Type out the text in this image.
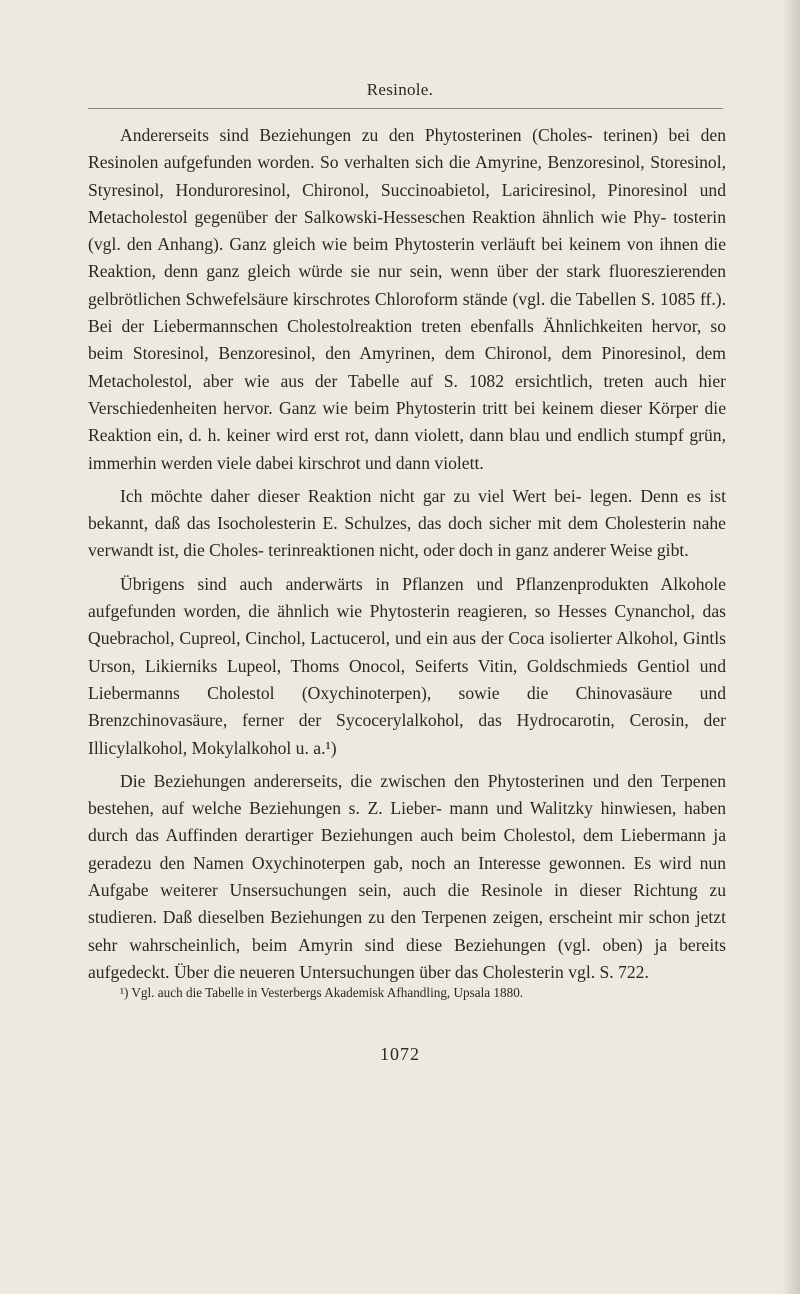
Resinole.

Andererseits sind Beziehungen zu den Phytosterinen (Choles- terinen) bei den Resinolen aufgefunden worden. So verhalten sich die Amyrine, Benzoresinol, Storesinol, Styresinol, Honduroresinol, Chironol, Succinoabietol, Lariciresinol, Pinoresinol und Metacholestol gegenüber der Salkowski-Hesseschen Reaktion ähnlich wie Phy- tosterin (vgl. den Anhang). Ganz gleich wie beim Phytosterin verläuft bei keinem von ihnen die Reaktion, denn ganz gleich würde sie nur sein, wenn über der stark fluoreszierenden gelbrötlichen Schwefelsäure kirschrotes Chloroform stände (vgl. die Tabellen S. 1085 ff.). Bei der Liebermannschen Cholestolreaktion treten ebenfalls Ähnlichkeiten hervor, so beim Storesinol, Benzoresinol, den Amyrinen, dem Chironol, dem Pinoresinol, dem Metacholestol, aber wie aus der Tabelle auf S. 1082 ersichtlich, treten auch hier Verschiedenheiten hervor. Ganz wie beim Phytosterin tritt bei keinem dieser Körper die Reaktion ein, d. h. keiner wird erst rot, dann violett, dann blau und endlich stumpf grün, immerhin werden viele dabei kirschrot und dann violett.

Ich möchte daher dieser Reaktion nicht gar zu viel Wert bei- legen. Denn es ist bekannt, daß das Isocholesterin E. Schulzes, das doch sicher mit dem Cholesterin nahe verwandt ist, die Choles- terinreaktionen nicht, oder doch in ganz anderer Weise gibt.

Übrigens sind auch anderwärts in Pflanzen und Pflanzenprodukten Alkohole aufgefunden worden, die ähnlich wie Phytosterin reagieren, so Hesses Cynanchol, das Quebrachol, Cupreol, Cinchol, Lactucerol, und ein aus der Coca isolierter Alkohol, Gintls Urson, Likierniks Lupeol, Thoms Onocol, Seiferts Vitin, Goldschmieds Gentiol und Liebermanns Cholestol (Oxychinoterpen), sowie die Chinovasäure und Brenzchinovasäure, ferner der Sycocerylalkohol, das Hydrocarotin, Cerosin, der Illicylalkohol, Mokylalkohol u. a.¹)

Die Beziehungen andererseits, die zwischen den Phytosterinen und den Terpenen bestehen, auf welche Beziehungen s. Z. Lieber- mann und Walitzky hinwiesen, haben durch das Auffinden derartiger Beziehungen auch beim Cholestol, dem Liebermann ja geradezu den Namen Oxychinoterpen gab, noch an Interesse gewonnen. Es wird nun Aufgabe weiterer Unsersuchungen sein, auch die Resinole in dieser Richtung zu studieren. Daß dieselben Beziehungen zu den Terpenen zeigen, erscheint mir schon jetzt sehr wahrscheinlich, beim Amyrin sind diese Beziehungen (vgl. oben) ja bereits aufgedeckt. Über die neueren Untersuchungen über das Cholesterin vgl. S. 722.

¹) Vgl. auch die Tabelle in Vesterbergs Akademisk Afhandling, Upsala 1880.
1072
